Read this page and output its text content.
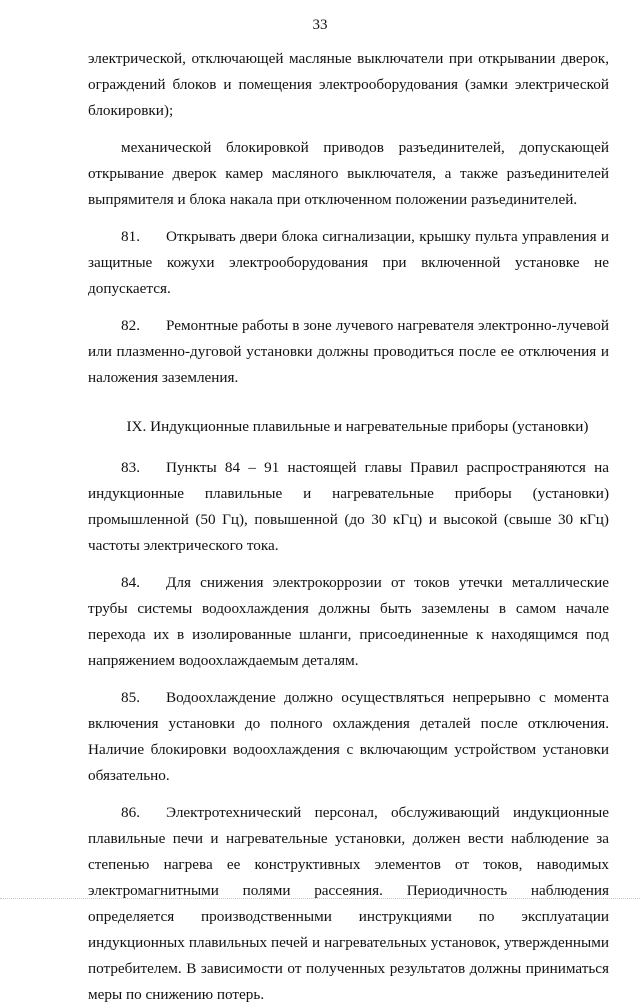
33

электрической, отключающей масляные выключатели при открывании дверок, ограждений блоков и помещения электрооборудования (замки электрической блокировки);

механической блокировкой приводов разъединителей, допускающей открывание дверок камер масляного выключателя, а также разъединителей выпрямителя и блока накала при отключенном положении разъединителей.

81. Открывать двери блока сигнализации, крышку пульта управления и защитные кожухи электрооборудования при включенной установке не допускается.

82. Ремонтные работы в зоне лучевого нагревателя электронно-лучевой или плазменно-дуговой установки должны проводиться после ее отключения и наложения заземления.

IX. Индукционные плавильные и нагревательные приборы (установки)

83. Пункты 84 – 91 настоящей главы Правил распространяются на индукционные плавильные и нагревательные приборы (установки) промышленной (50 Гц), повышенной (до 30 кГц) и высокой (свыше 30 кГц) частоты электрического тока.

84. Для снижения электрокоррозии от токов утечки металлические трубы системы водоохлаждения должны быть заземлены в самом начале перехода их в изолированные шланги, присоединенные к находящимся под напряжением водоохлаждаемым деталям.

85. Водоохлаждение должно осуществляться непрерывно с момента включения установки до полного охлаждения деталей после отключения. Наличие блокировки водоохлаждения с включающим устройством установки обязательно.

86. Электротехнический персонал, обслуживающий индукционные плавильные печи и нагревательные установки, должен вести наблюдение за степенью нагрева ее конструктивных элементов от токов, наводимых электромагнитными полями рассеяния. Периодичность наблюдения определяется производственными инструкциями по эксплуатации индукционных плавильных печей и нагревательных установок, утвержденными потребителем. В зависимости от полученных результатов должны приниматься меры по снижению потерь.
